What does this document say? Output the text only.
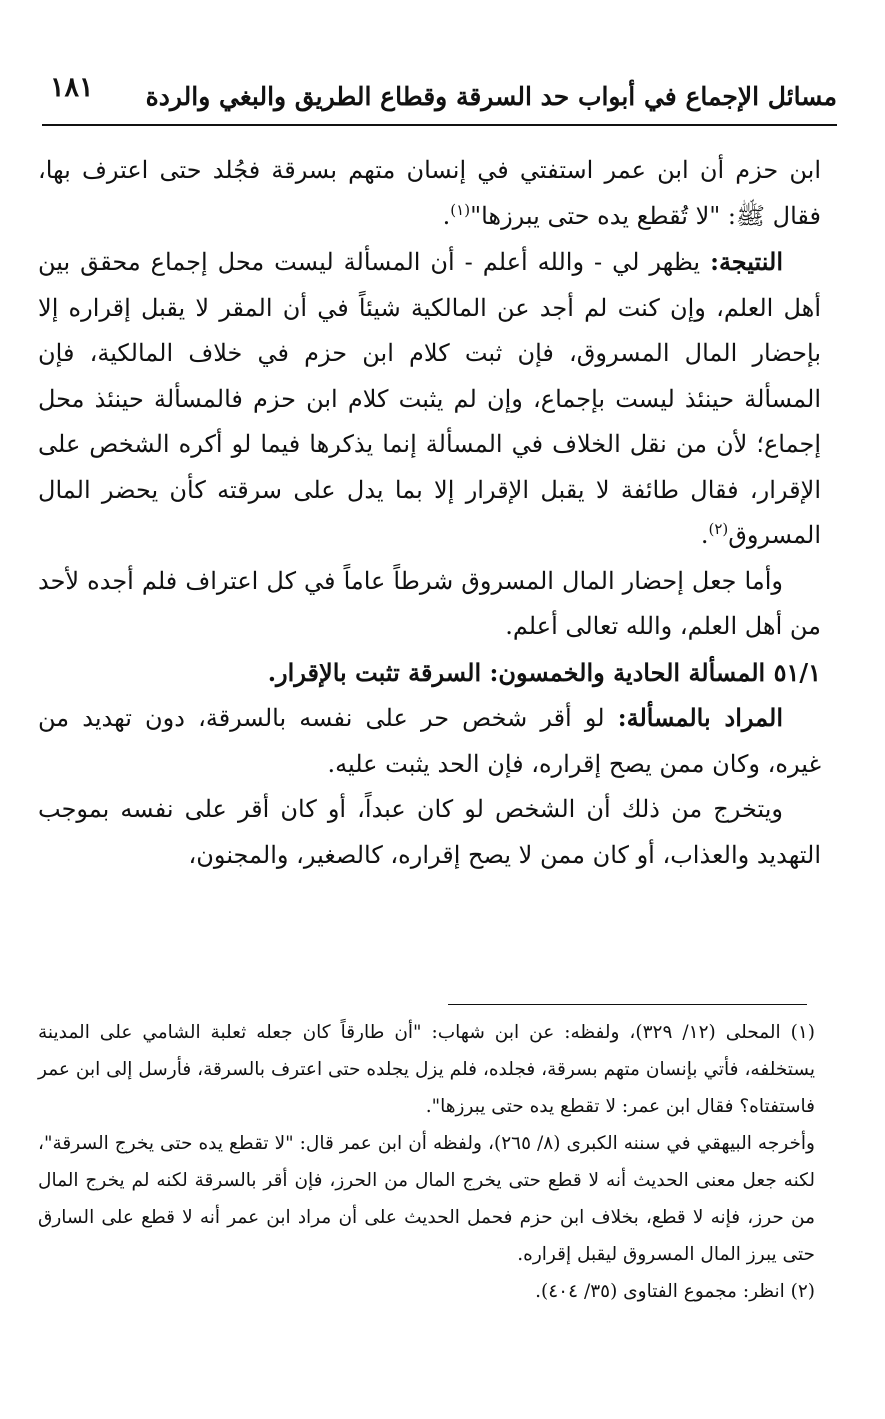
مسائل الإجماع في أبواب حد السرقة وقطاع الطريق والبغي والردة
١٨١

ابن حزم أن ابن عمر استفتي في إنسان متهم بسرقة فجُلد حتى اعترف بها، فقال ﷺ: "لا تُقطع يده حتى يبرزها"$^{(١)}$.

النتيجة: يظهر لي - والله أعلم - أن المسألة ليست محل إجماع محقق بين أهل العلم، وإن كنت لم أجد عن المالكية شيئاً في أن المقر لا يقبل إقراره إلا بإحضار المال المسروق، فإن ثبت كلام ابن حزم في خلاف المالكية، فإن المسألة حينئذ ليست بإجماع، وإن لم يثبت كلام ابن حزم فالمسألة حينئذ محل إجماع؛ لأن من نقل الخلاف في المسألة إنما يذكرها فيما لو أكره الشخص على الإقرار، فقال طائفة لا يقبل الإقرار إلا بما يدل على سرقته كأن يحضر المال المسروق$^{(٢)}$.

وأما جعل إحضار المال المسروق شرطاً عاماً في كل اعتراف فلم أجده لأحد من أهل العلم، والله تعالى أعلم.

٥١/١ المسألة الحادية والخمسون: السرقة تثبت بالإقرار.

المراد بالمسألة: لو أقر شخص حر على نفسه بالسرقة، دون تهديد من غيره، وكان ممن يصح إقراره، فإن الحد يثبت عليه.

ويتخرج من ذلك أن الشخص لو كان عبداً، أو كان أقر على نفسه بموجب التهديد والعذاب، أو كان ممن لا يصح إقراره، كالصغير، والمجنون،

(١) المحلى (١٢/ ٣٢٩)، ولفظه: عن ابن شهاب: "أن طارقاً كان جعله ثعلبة الشامي على المدينة يستخلفه، فأتي بإنسان متهم بسرقة، فجلده، فلم يزل يجلده حتى اعترف بالسرقة، فأرسل إلى ابن عمر فاستفتاه؟ فقال ابن عمر: لا تقطع يده حتى يبرزها".

وأخرجه البيهقي في سننه الكبرى (٨/ ٢٦٥)، ولفظه أن ابن عمر قال: "لا تقطع يده حتى يخرج السرقة"، لكنه جعل معنى الحديث أنه لا قطع حتى يخرج المال من الحرز، فإن أقر بالسرقة لكنه لم يخرج المال من حرز، فإنه لا قطع، بخلاف ابن حزم فحمل الحديث على أن مراد ابن عمر أنه لا قطع على السارق حتى يبرز المال المسروق ليقبل إقراره.

(٢) انظر: مجموع الفتاوى (٣٥/ ٤٠٤).
